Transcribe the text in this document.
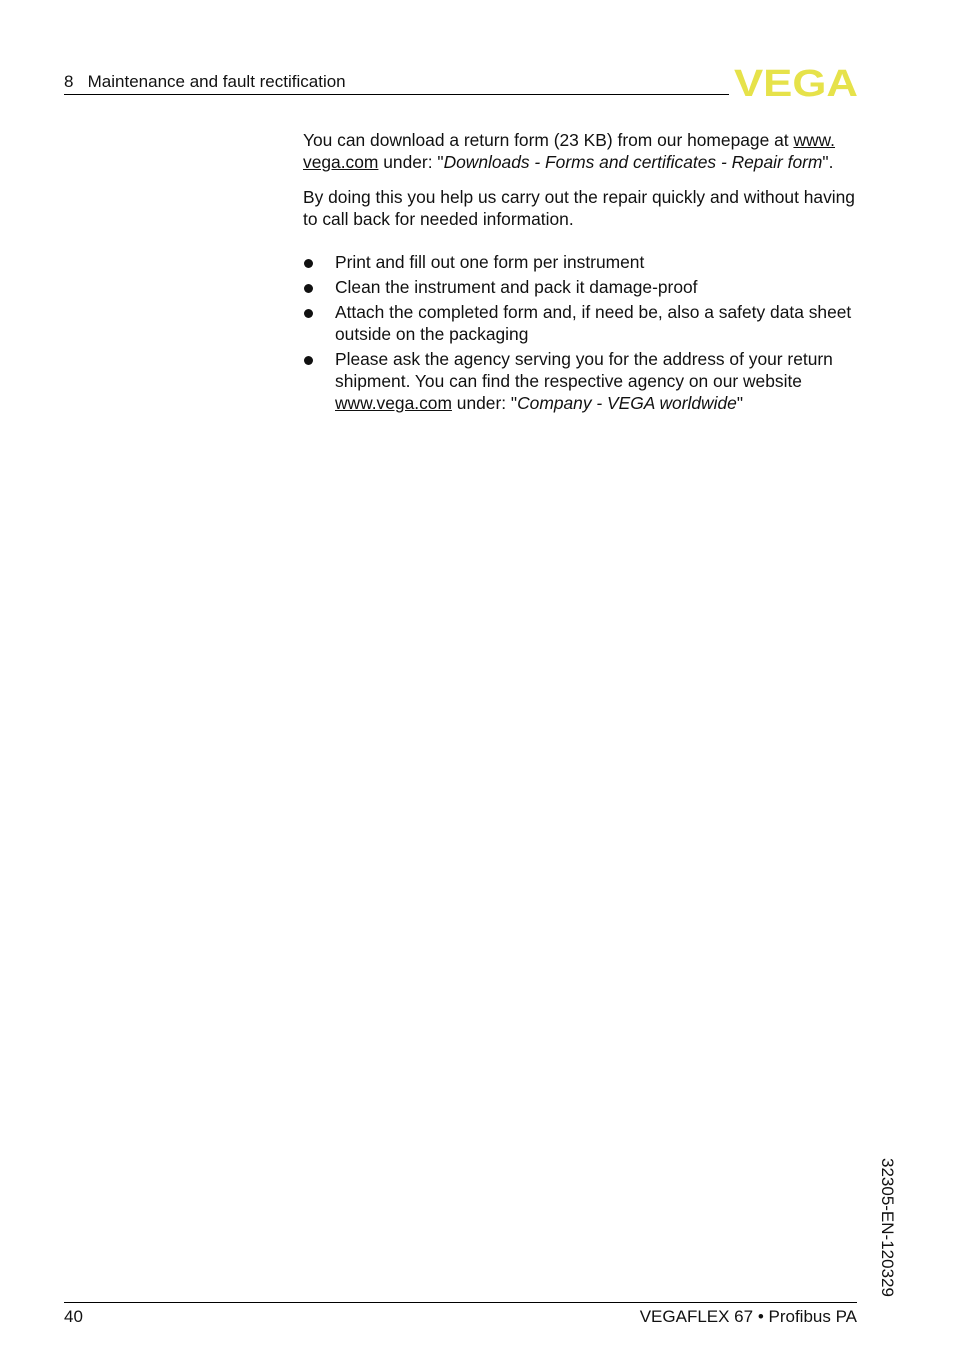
8 Maintenance and fault rectification	VEGA

You can download a return form (23 KB) from our homepage at www.
vega.com under: "Downloads - Forms and certificates - Repair form".

By doing this you help us carry out the repair quickly and without having to call back for needed information.

Print and fill out one form per instrument
Clean the instrument and pack it damage-proof
Attach the completed form and, if need be, also a safety data sheet outside on the packaging
Please ask the agency serving you for the address of your return shipment. You can find the respective agency on our website www.vega.com under: "Company - VEGA worldwide"
32305-EN-120329
40	VEGAFLEX 67 • Profibus PA
